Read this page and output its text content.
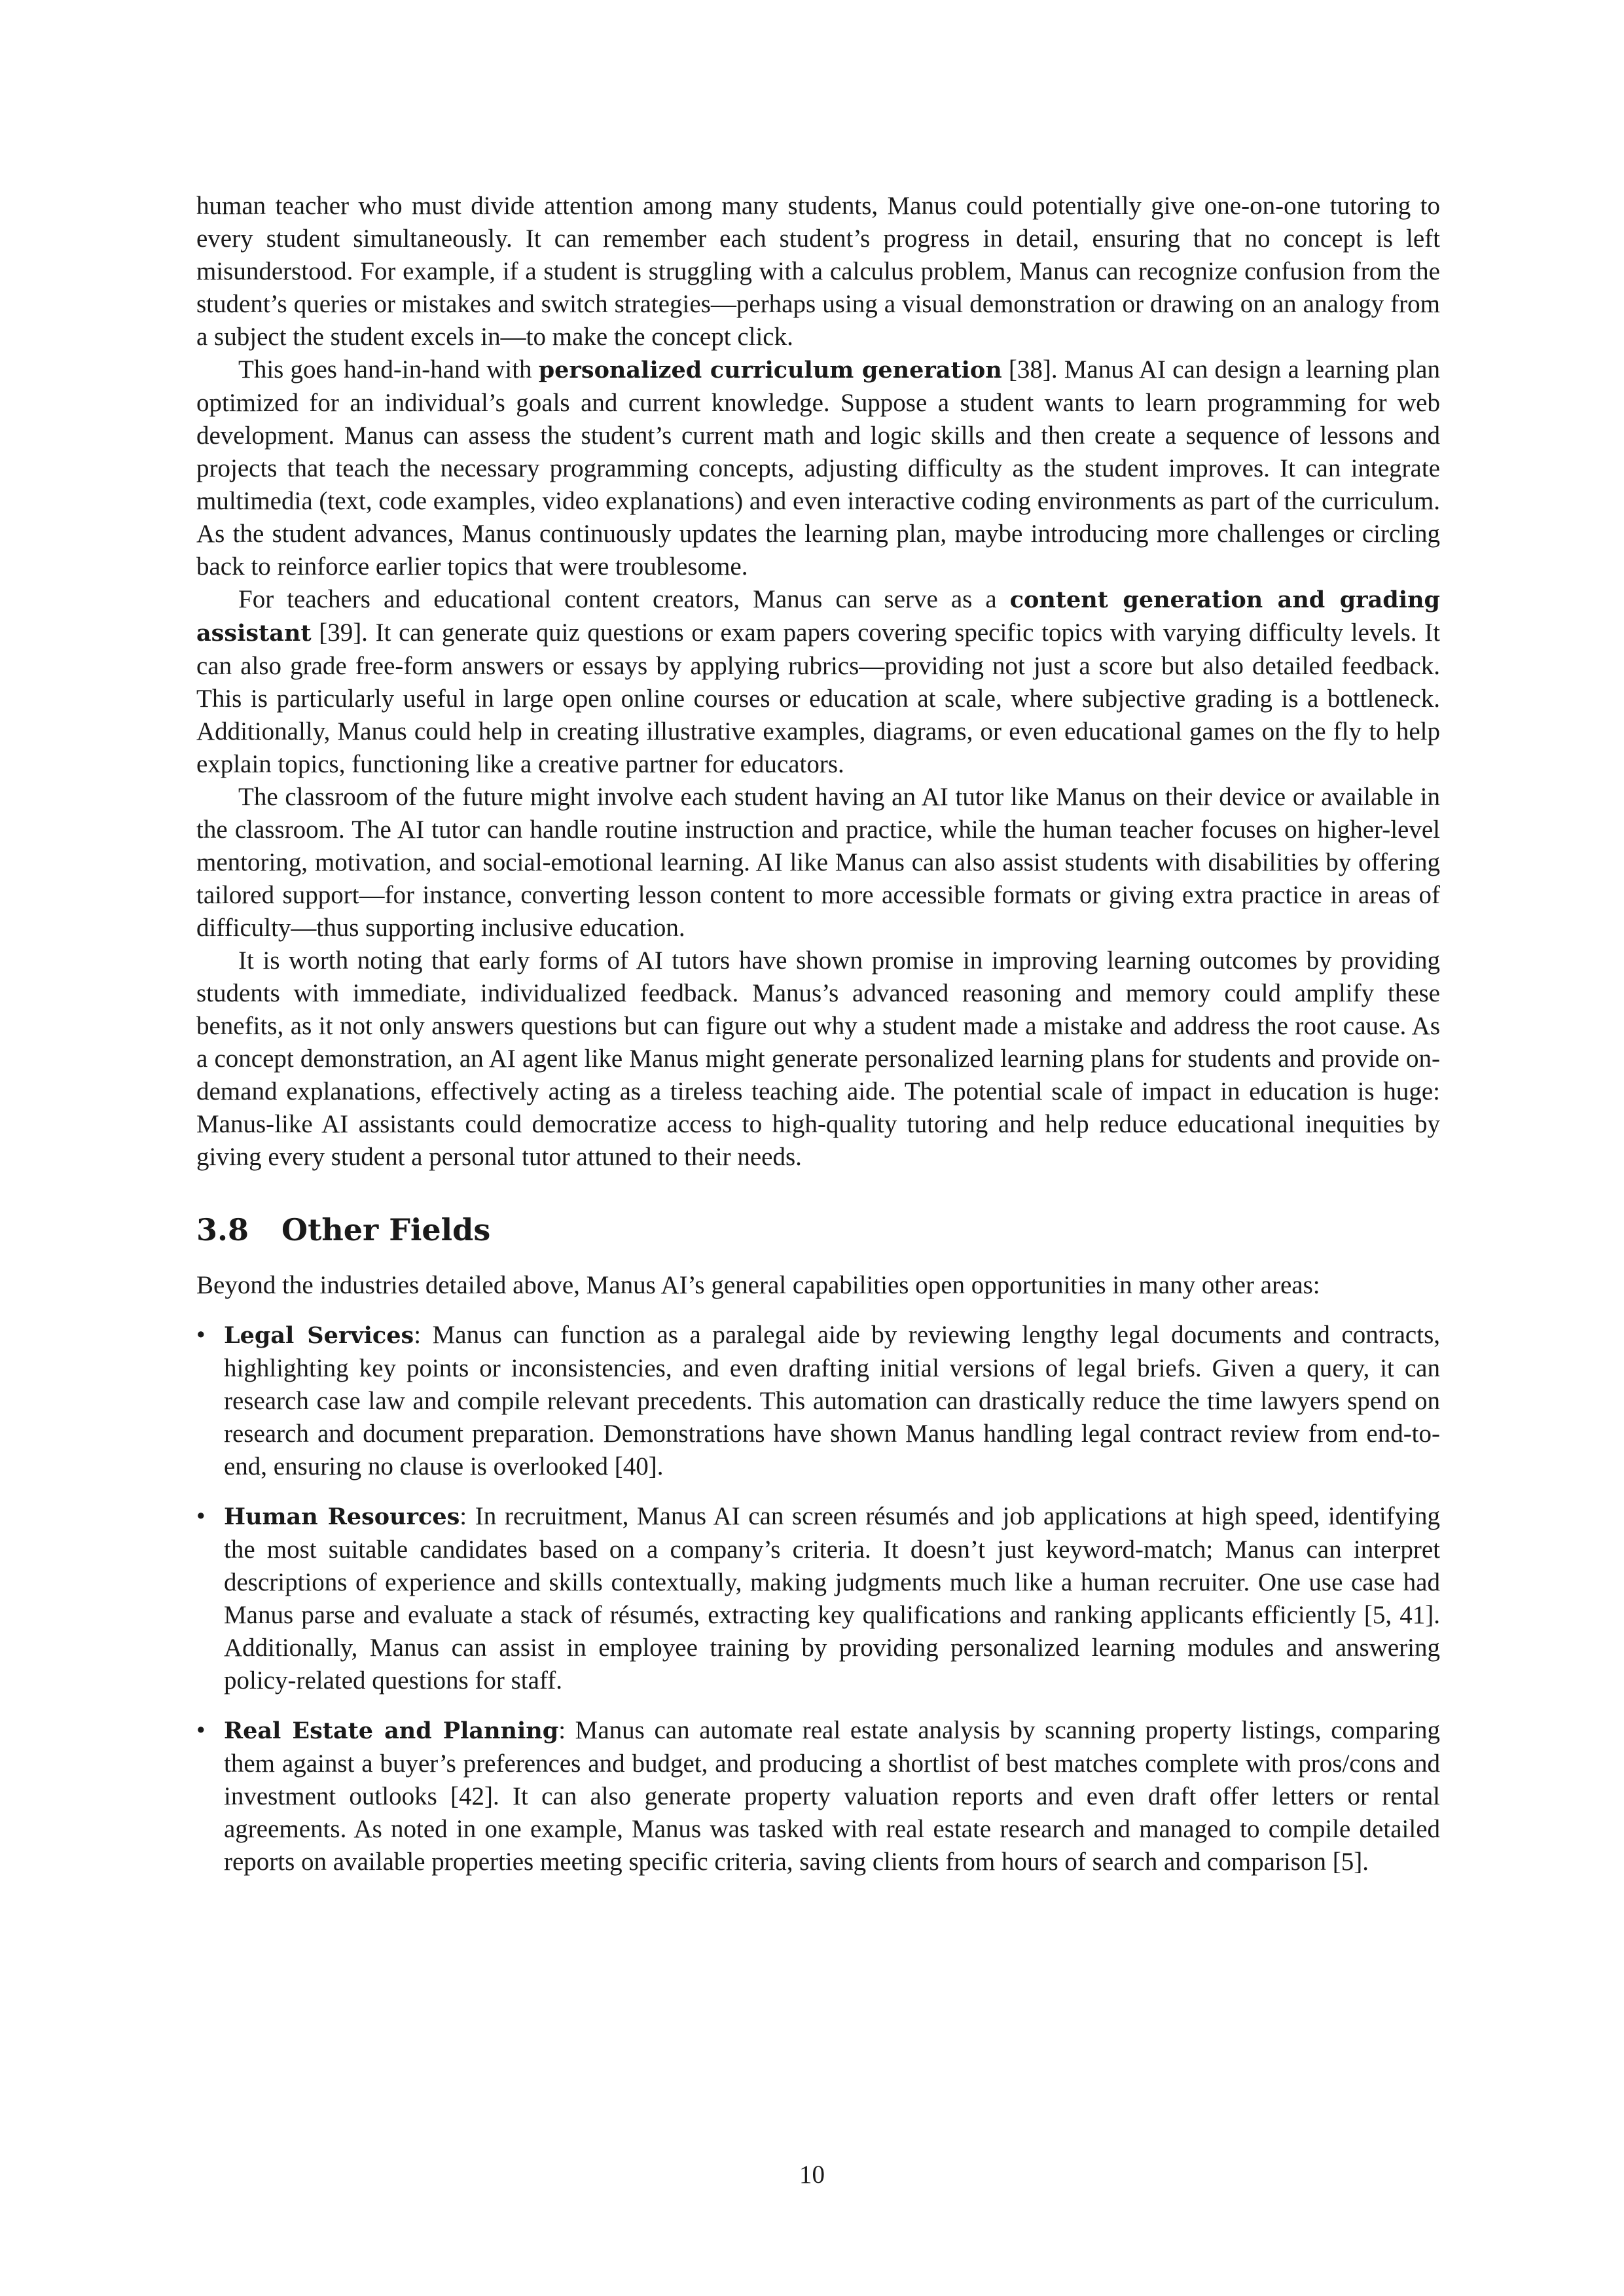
human teacher who must divide attention among many students, Manus could potentially give one-on-one tutoring to every student simultaneously. It can remember each student’s progress in detail, ensuring that no concept is left misunderstood. For example, if a student is struggling with a calculus problem, Manus can recognize confusion from the student’s queries or mistakes and switch strategies—perhaps using a visual demonstration or drawing on an analogy from a subject the student excels in—to make the concept click.

This goes hand-in-hand with personalized curriculum generation [38]. Manus AI can design a learning plan optimized for an individual’s goals and current knowledge. Suppose a student wants to learn programming for web development. Manus can assess the student’s current math and logic skills and then create a sequence of lessons and projects that teach the necessary programming concepts, adjusting difficulty as the student improves. It can integrate multimedia (text, code examples, video explanations) and even interactive coding environments as part of the curriculum. As the student advances, Manus continuously updates the learning plan, maybe introducing more challenges or circling back to reinforce earlier topics that were troublesome.

For teachers and educational content creators, Manus can serve as a content generation and grading assistant [39]. It can generate quiz questions or exam papers covering specific topics with varying difficulty levels. It can also grade free-form answers or essays by applying rubrics—providing not just a score but also detailed feedback. This is particularly useful in large open online courses or education at scale, where subjective grading is a bottleneck. Additionally, Manus could help in creating illustrative examples, diagrams, or even educational games on the fly to help explain topics, functioning like a creative partner for educators.

The classroom of the future might involve each student having an AI tutor like Manus on their device or available in the classroom. The AI tutor can handle routine instruction and practice, while the human teacher focuses on higher-level mentoring, motivation, and social-emotional learning. AI like Manus can also assist students with disabilities by offering tailored support—for instance, converting lesson content to more accessible formats or giving extra practice in areas of difficulty—thus supporting inclusive education.

It is worth noting that early forms of AI tutors have shown promise in improving learning outcomes by providing students with immediate, individualized feedback. Manus’s advanced reasoning and memory could amplify these benefits, as it not only answers questions but can figure out why a student made a mistake and address the root cause. As a concept demonstration, an AI agent like Manus might generate personalized learning plans for students and provide on-demand explanations, effectively acting as a tireless teaching aide. The potential scale of impact in education is huge: Manus-like AI assistants could democratize access to high-quality tutoring and help reduce educational inequities by giving every student a personal tutor attuned to their needs.

3.8 Other Fields

Beyond the industries detailed above, Manus AI’s general capabilities open opportunities in many other areas:

• Legal Services: Manus can function as a paralegal aide by reviewing lengthy legal documents and contracts, highlighting key points or inconsistencies, and even drafting initial versions of legal briefs. Given a query, it can research case law and compile relevant precedents. This automation can drastically reduce the time lawyers spend on research and document preparation. Demonstrations have shown Manus handling legal contract review from end-to-end, ensuring no clause is overlooked [40].
• Human Resources: In recruitment, Manus AI can screen résumés and job applications at high speed, identifying the most suitable candidates based on a company’s criteria. It doesn’t just keyword-match; Manus can interpret descriptions of experience and skills contextually, making judgments much like a human recruiter. One use case had Manus parse and evaluate a stack of résumés, extracting key qualifications and ranking applicants efficiently [5, 41]. Additionally, Manus can assist in employee training by providing personalized learning modules and answering policy-related questions for staff.
• Real Estate and Planning: Manus can automate real estate analysis by scanning property listings, comparing them against a buyer’s preferences and budget, and producing a shortlist of best matches complete with pros/cons and investment outlooks [42]. It can also generate property valuation reports and even draft offer letters or rental agreements. As noted in one example, Manus was tasked with real estate research and managed to compile detailed reports on available properties meeting specific criteria, saving clients from hours of search and comparison [5].
10
